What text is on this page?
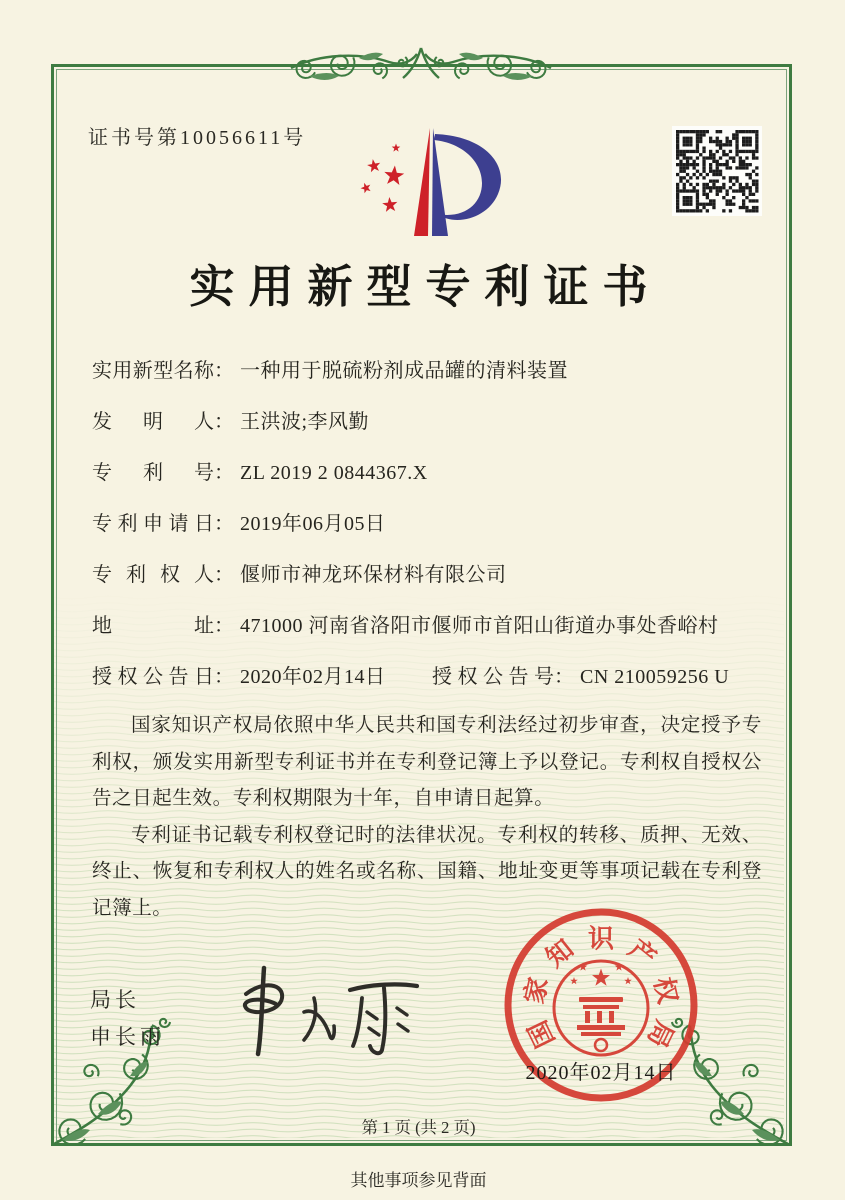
证书号第10056611号
实用新型专利证书
实用新型名称： 一种用于脱硫粉剂成品罐的清料装置
发明人： 王洪波;李风勤
专利号： ZL 2019 2 0844367.X
专利申请日： 2019年06月05日
专利权人： 偃师市神龙环保材料有限公司
地址： 471000 河南省洛阳市偃师市首阳山街道办事处香峪村
授权公告日： 2020年02月14日	授权公告号： CN 210059256 U

国家知识产权局依照中华人民共和国专利法经过初步审查，决定授予专利权，颁发实用新型专利证书并在专利登记簿上予以登记。专利权自授权公告之日起生效。专利权期限为十年，自申请日起算。

专利证书记载专利权登记时的法律状况。专利权的转移、质押、无效、终止、恢复和专利权人的姓名或名称、国籍、地址变更等事项记载在专利登记簿上。

局长
申长雨	国
家
知 识 产
权
局
2020年02月14日
第 1 页 (共 2 页)
其他事项参见背面
